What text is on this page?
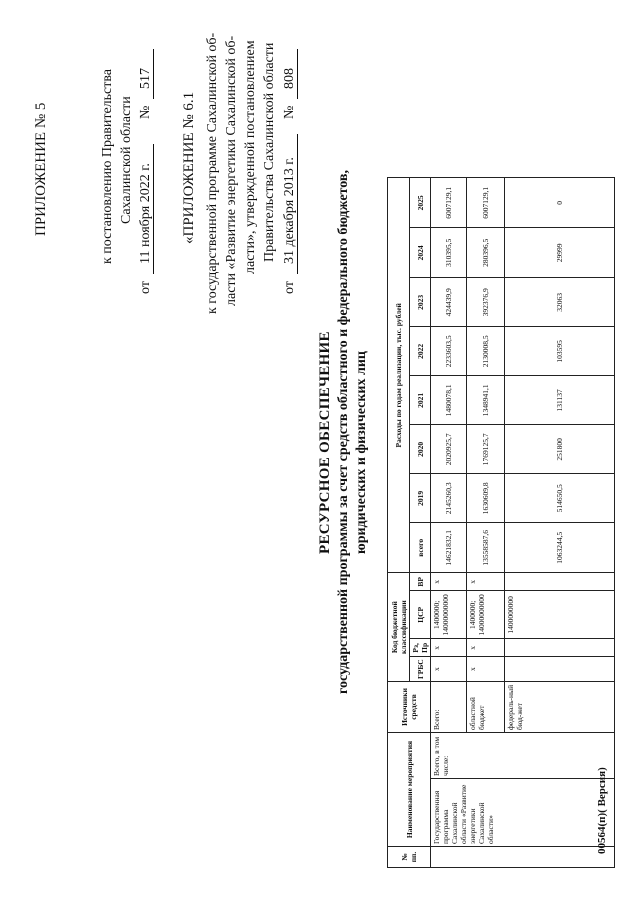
ПРИЛОЖЕНИЕ № 5	к постановлению Правительства Сахалинской области
от
11 ноября 2022 г.
№
517
«ПРИЛОЖЕНИЕ № 6.1 к государственной программе Сахалинской об- ласти «Развитие энергетики Сахалинской об- ласти», утвержденной постановлением Правительства Сахалинской области
от
31 декабря 2013 г.
№
808
РЕСУРСНОЕ ОБЕСПЕЧЕНИЕ государственной программы за счет средств областного и федерального бюджетов, юридических и физических лиц
№ пп.	Наименование мероприятия		Источники средств	Код бюджетной классификации				Расходы по годам реализации, тыс. рублей							
				ГРБС	Рз, Пр	ЦСР	ВР	всего	2019	2020	2021	2022	2023	2024	2025
	Государственная программа Сахалинской области «Развитие энергетики Сахалинской области»	Всего, в том числе:	Всего:	х	х	1400000; 14000000000	х	14621832,1	2145260,3	2020925,7	1480078,1	2233603,5	424439,9	310395,5	6007129,1
			областной бюджет	х	х	1400000; 14000000000	х	13558587,6	1630609,8	1769125,7	1348941,1	2130008,5	392376,9	280396,5	6007129,1
			федераль-ный бюд-жет			1400000000		1063244,5	514650,5	251800	131137	103595	32063	29999	0
00564(п)( Версия)
